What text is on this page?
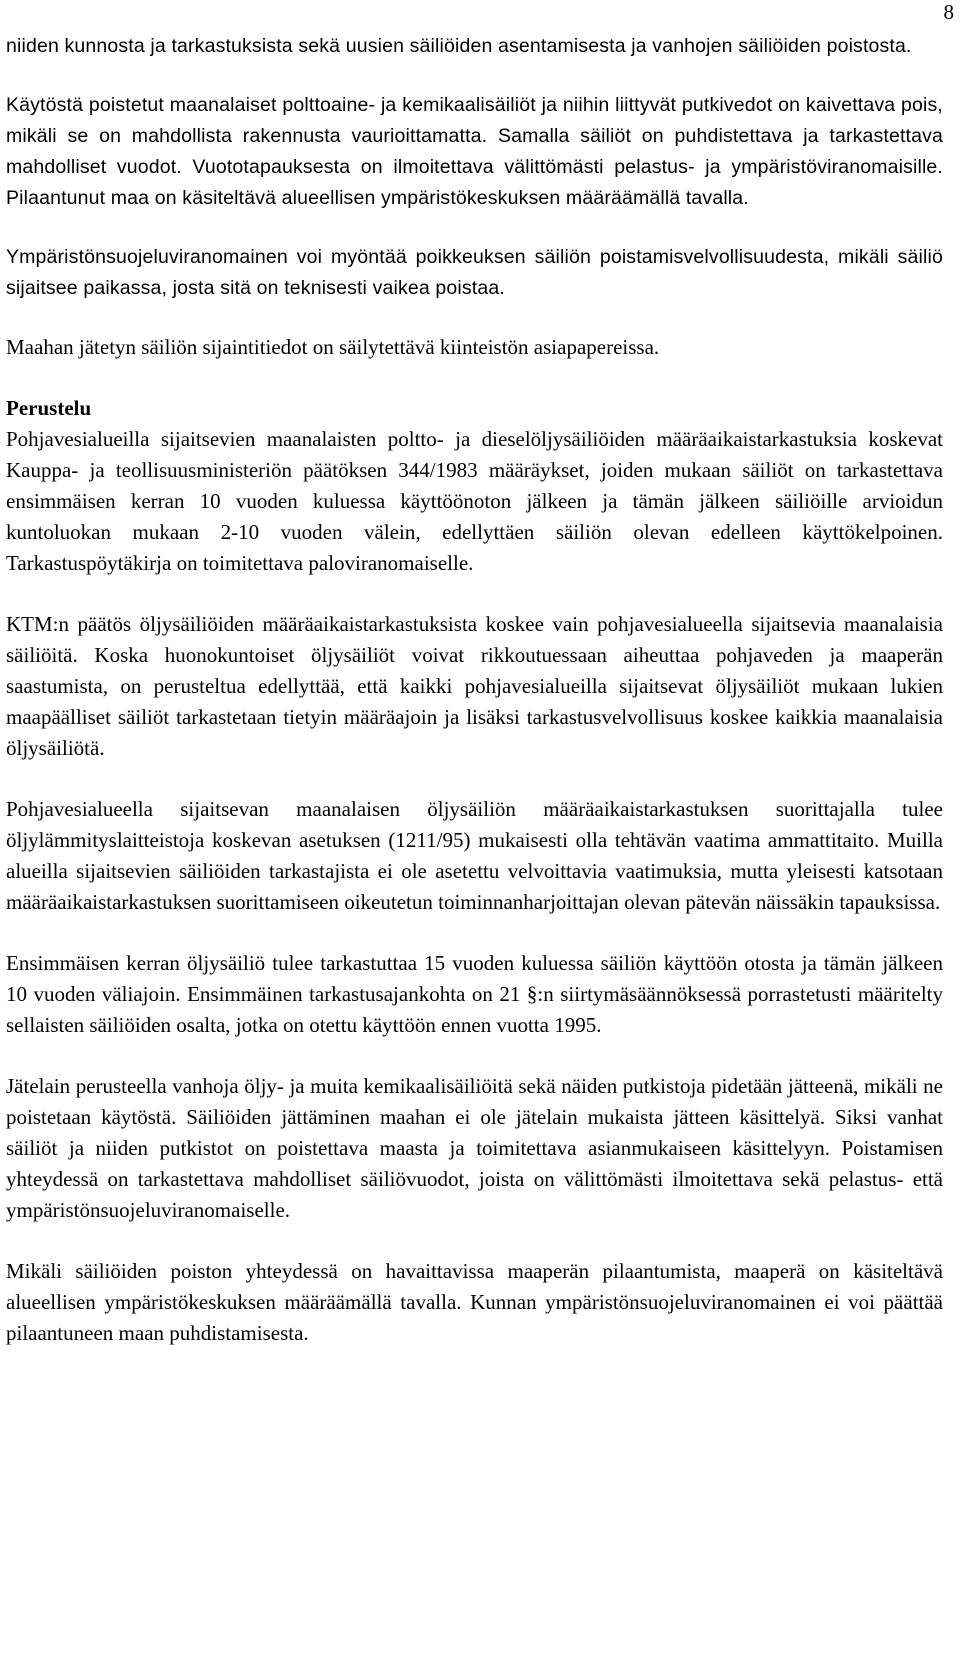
8

niiden kunnosta ja tarkastuksista sekä uusien säiliöiden asentamisesta ja vanhojen säiliöiden poistosta.

Käytöstä poistetut maanalaiset polttoaine- ja kemikaalisäiliöt ja niihin liittyvät putkivedot on kaivettava pois, mikäli se on mahdollista rakennusta vaurioittamatta. Samalla säiliöt on puhdistettava ja tarkastettava mahdolliset vuodot. Vuototapauksesta on ilmoitettava välittömästi pelastus- ja ympäristöviranomaisille. Pilaantunut maa on käsiteltävä alueellisen ympäristökeskuksen määräämällä tavalla.

Ympäristönsuojeluviranomainen voi myöntää poikkeuksen säiliön poistamisvelvollisuudesta, mikäli säiliö sijaitsee paikassa, josta sitä on teknisesti vaikea poistaa.

Maahan jätetyn säiliön sijaintitiedot on säilytettävä kiinteistön asiapapereissa.

Perustelu

Pohjavesialueilla sijaitsevien maanalaisten poltto- ja dieselöljysäiliöiden määräaikaistarkastuksia koskevat Kauppa- ja teollisuusministeriön päätöksen 344/1983 määräykset, joiden mukaan säiliöt on tarkastettava ensimmäisen kerran 10 vuoden kuluessa käyttöönoton jälkeen ja tämän jälkeen säiliöille arvioidun kuntoluokan mukaan 2-10 vuoden välein, edellyttäen säiliön olevan edelleen käyttökelpoinen. Tarkastuspöytäkirja on toimitettava paloviranomaiselle.

KTM:n päätös öljysäiliöiden määräaikaistarkastuksista koskee vain pohjavesialueella sijaitsevia maanalaisia säiliöitä. Koska huonokuntoiset öljysäiliöt voivat rikkoutuessaan aiheuttaa pohjaveden ja maaperän saastumista, on perusteltua edellyttää, että kaikki pohjavesialueilla sijaitsevat öljysäiliöt mukaan lukien maapäälliset säiliöt tarkastetaan tietyin määräajoin ja lisäksi tarkastusvelvollisuus koskee kaikkia maanalaisia öljysäiliötä.

Pohjavesialueella sijaitsevan maanalaisen öljysäiliön määräaikaistarkastuksen suorittajalla tulee öljylämmityslaitteistoja koskevan asetuksen (1211/95) mukaisesti olla tehtävän vaatima ammattitaito. Muilla alueilla sijaitsevien säiliöiden tarkastajista ei ole asetettu velvoittavia vaatimuksia, mutta yleisesti katsotaan määräaikaistarkastuksen suorittamiseen oikeutetun toiminnanharjoittajan olevan pätevän näissäkin tapauksissa.

Ensimmäisen kerran öljysäiliö tulee tarkastuttaa 15 vuoden kuluessa säiliön käyttöön otosta ja tämän jälkeen 10 vuoden väliajoin. Ensimmäinen tarkastusajankohta on 21 §:n siirtymäsäännöksessä porrastetusti määritelty sellaisten säiliöiden osalta, jotka on otettu käyttöön ennen vuotta 1995.

Jätelain perusteella vanhoja öljy- ja muita kemikaalisäiliöitä sekä näiden putkistoja pidetään jätteenä, mikäli ne poistetaan käytöstä. Säiliöiden jättäminen maahan ei ole jätelain mukaista jätteen käsittelyä. Siksi vanhat säiliöt ja niiden putkistot on poistettava maasta ja toimitettava asianmukaiseen käsittelyyn. Poistamisen yhteydessä on tarkastettava mahdolliset säiliövuodot, joista on välittömästi ilmoitettava sekä pelastus- että ympäristönsuojeluviranomaiselle.

Mikäli säiliöiden poiston yhteydessä on havaittavissa maaperän pilaantumista, maaperä on käsiteltävä alueellisen ympäristökeskuksen määräämällä tavalla. Kunnan ympäristönsuojeluviranomainen ei voi päättää pilaantuneen maan puhdistamisesta.
